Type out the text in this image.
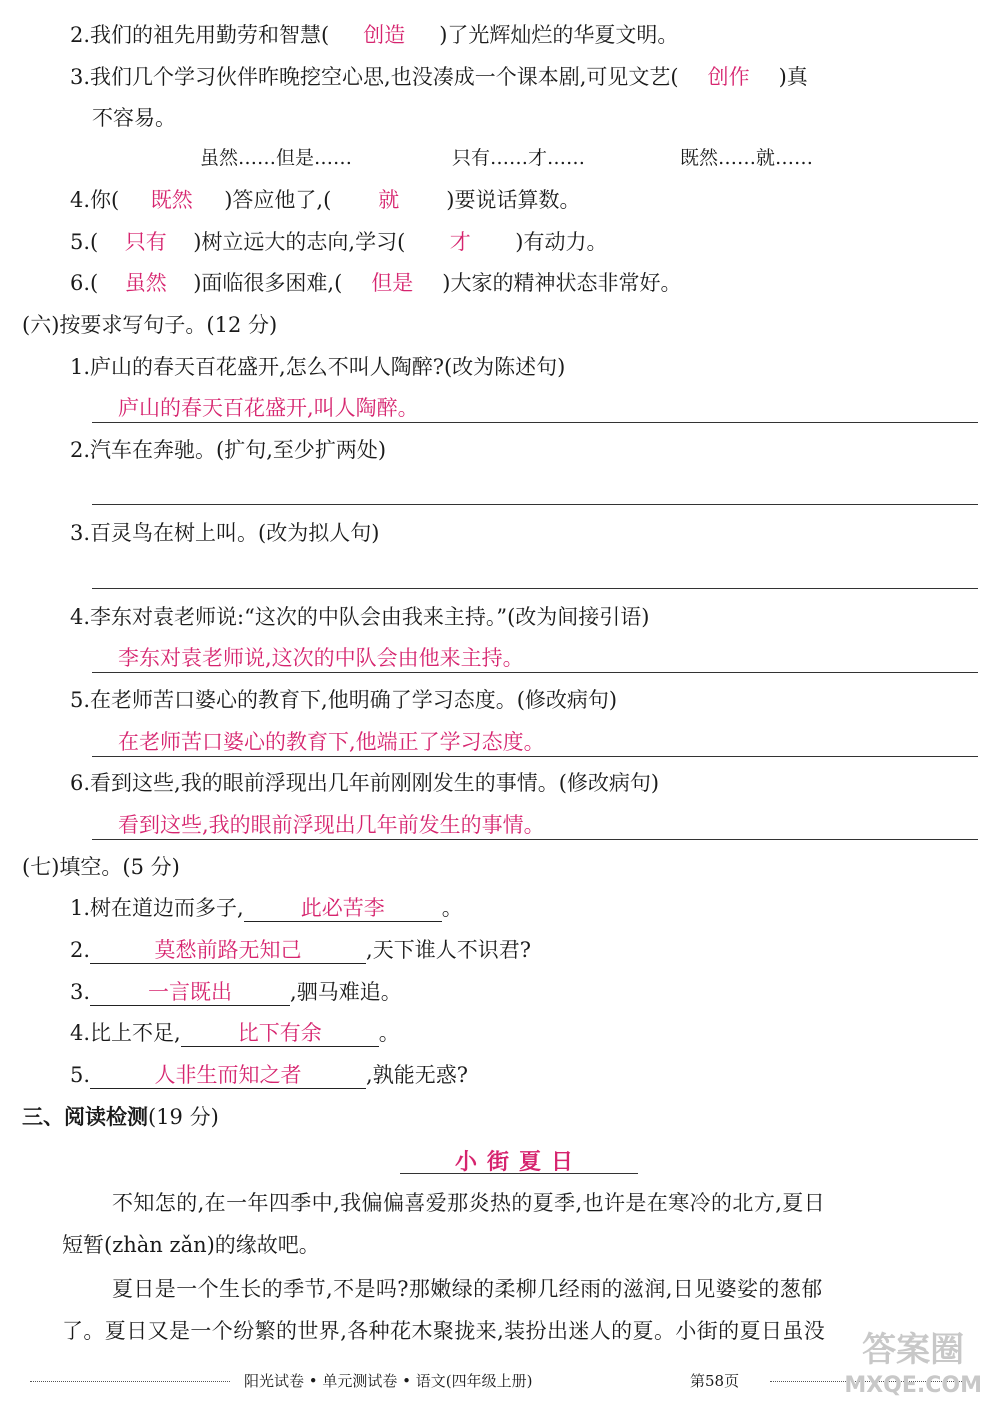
2.我们的祖先用勤劳和智慧( 创造 )了光辉灿烂的华夏文明。
3.我们几个学习伙伴昨晚挖空心思,也没凑成一个课本剧,可见文艺( 创作 )真
不容易。
虽然……但是……	只有……才……	既然……就……
4.你( 既然 )答应他了,( 就 )要说话算数。
5.( 只有 )树立远大的志向,学习( 才 )有动力。
6.( 虽然 )面临很多困难,( 但是 )大家的精神状态非常好。
(六)按要求写句子。(12 分)
1.庐山的春天百花盛开,怎么不叫人陶醉?(改为陈述句)
庐山的春天百花盛开,叫人陶醉。
2.汽车在奔驰。(扩句,至少扩两处)
3.百灵鸟在树上叫。(改为拟人句)
4.李东对袁老师说:“这次的中队会由我来主持。”(改为间接引语)
李东对袁老师说,这次的中队会由他来主持。
5.在老师苦口婆心的教育下,他明确了学习态度。(修改病句)
在老师苦口婆心的教育下,他端正了学习态度。
6.看到这些,我的眼前浮现出几年前刚刚发生的事情。(修改病句)
看到这些,我的眼前浮现出几年前发生的事情。
(七)填空。(5 分)
1.树在道边而多子,	此必苦李	。
2.	莫愁前路无知己	,天下谁人不识君?
3.	一言既出	,驷马难追。
4.比上不足,	比下有余	。
5.	人非生而知之者	,孰能无惑?
三、阅读检测(19 分)
小街夏日
不知怎的,在一年四季中,我偏偏喜爱那炎热的夏季,也许是在寒冷的北方,夏日
短暂(zhàn zǎn)的缘故吧。
夏日是一个生长的季节,不是吗?那嫩绿的柔柳几经雨的滋润,日见婆娑的葱郁
了。夏日又是一个纷繁的世界,各种花木聚拢来,装扮出迷人的夏。小街的夏日虽没
阳光试卷 • 单元测试卷 • 语文(四年级上册)	第58页
答案圈
MXQE.COM
